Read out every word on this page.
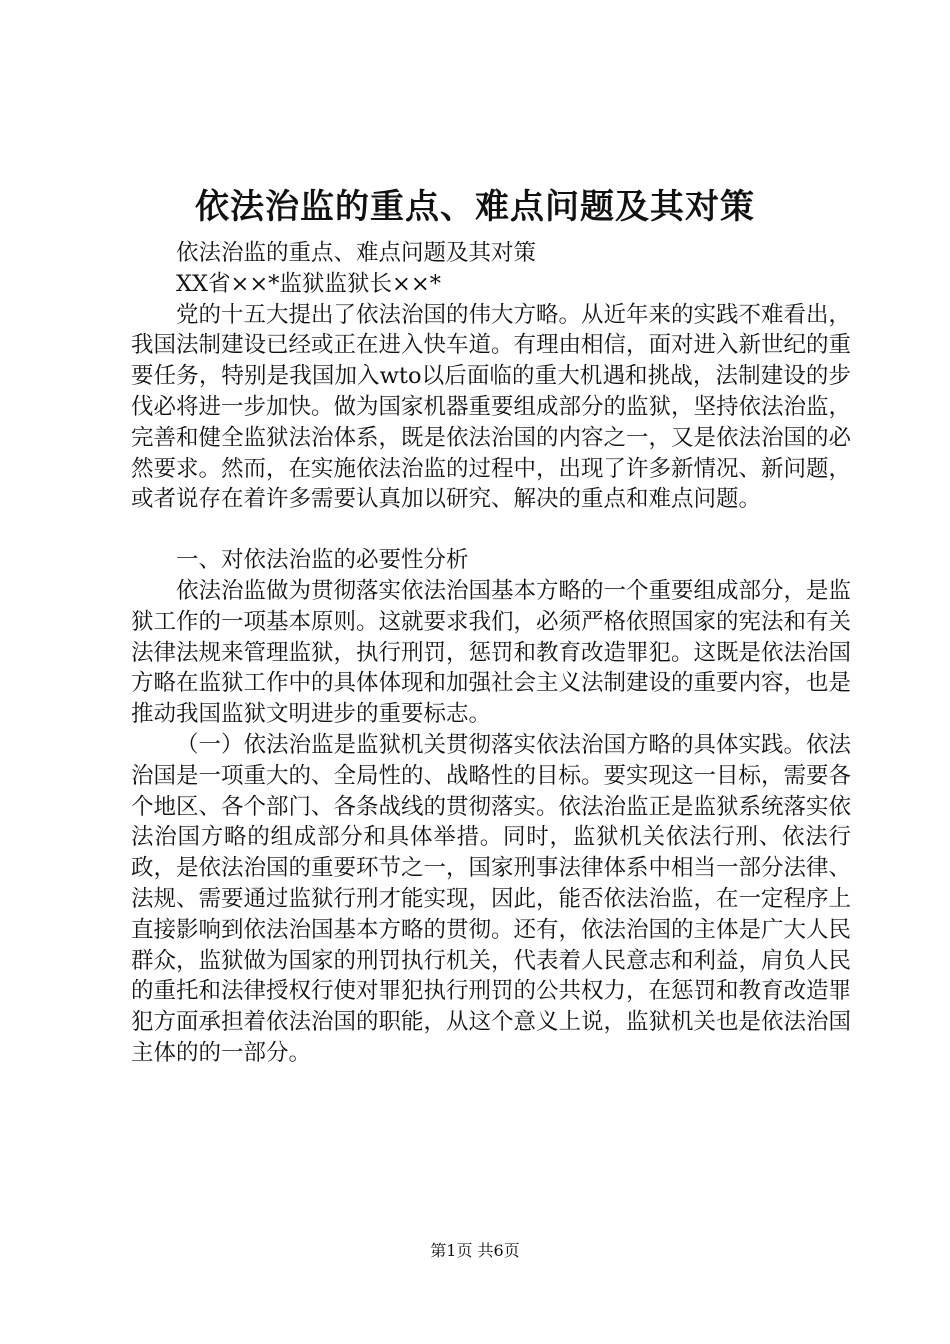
依法治监的重点、难点问题及其对策

依法治监的重点、难点问题及其对策

XX省××*监狱监狱长××*

党的十五大提出了依法治国的伟大方略。从近年来的实践不难看出，我国法制建设已经或正在进入快车道。有理由相信，面对进入新世纪的重要任务，特别是我国加入wto以后面临的重大机遇和挑战，法制建设的步伐必将进一步加快。做为国家机器重要组成部分的监狱，坚持依法治监，完善和健全监狱法治体系，既是依法治国的内容之一，又是依法治国的必然要求。然而，在实施依法治监的过程中，出现了许多新情况、新问题，或者说存在着许多需要认真加以研究、解决的重点和难点问题。

一、对依法治监的必要性分析

依法治监做为贯彻落实依法治国基本方略的一个重要组成部分，是监狱工作的一项基本原则。这就要求我们，必须严格依照国家的宪法和有关法律法规来管理监狱，执行刑罚，惩罚和教育改造罪犯。这既是依法治国方略在监狱工作中的具体体现和加强社会主义法制建设的重要内容，也是推动我国监狱文明进步的重要标志。

（一）依法治监是监狱机关贯彻落实依法治国方略的具体实践。依法治国是一项重大的、全局性的、战略性的目标。要实现这一目标，需要各个地区、各个部门、各条战线的贯彻落实。依法治监正是监狱系统落实依法治国方略的组成部分和具体举措。同时，监狱机关依法行刑、依法行政，是依法治国的重要环节之一，国家刑事法律体系中相当一部分法律、法规、需要通过监狱行刑才能实现，因此，能否依法治监，在一定程序上直接影响到依法治国基本方略的贯彻。还有，依法治国的主体是广大人民群众，监狱做为国家的刑罚执行机关，代表着人民意志和利益，肩负人民的重托和法律授权行使对罪犯执行刑罚的公共权力，在惩罚和教育改造罪犯方面承担着依法治国的职能，从这个意义上说，监狱机关也是依法治国主体的的一部分。

第1页 共6页
